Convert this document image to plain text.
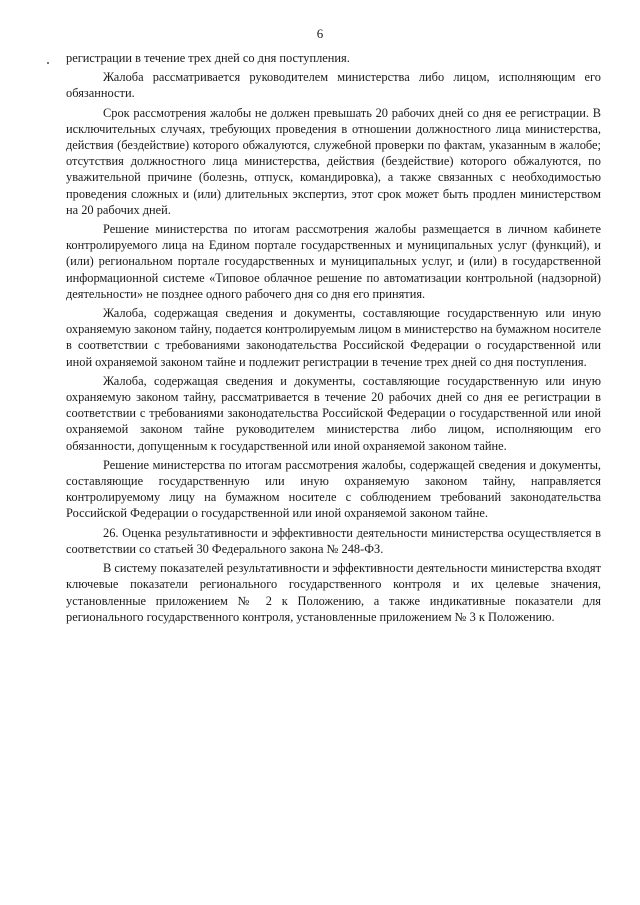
6

регистрации в течение трех дней со дня поступления.

Жалоба рассматривается руководителем министерства либо лицом, исполняющим его обязанности.

Срок рассмотрения жалобы не должен превышать 20 рабочих дней со дня ее регистрации. В исключительных случаях, требующих проведения в отношении должностного лица министерства, действия (бездействие) которого обжалуются, служебной проверки по фактам, указанным в жалобе; отсутствия должностного лица министерства, действия (бездействие) которого обжалуются, по уважительной причине (болезнь, отпуск, командировка), а также связанных с необходимостью проведения сложных и (или) длительных экспертиз, этот срок может быть продлен министерством на 20 рабочих дней.

Решение министерства по итогам рассмотрения жалобы размещается в личном кабинете контролируемого лица на Едином портале государственных и муниципальных услуг (функций), и (или) региональном портале государственных и муниципальных услуг, и (или) в государственной информационной системе «Типовое облачное решение по автоматизации контрольной (надзорной) деятельности» не позднее одного рабочего дня со дня его принятия.

Жалоба, содержащая сведения и документы, составляющие государственную или иную охраняемую законом тайну, подается контролируемым лицом в министерство на бумажном носителе в соответствии с требованиями законодательства Российской Федерации о государственной или иной охраняемой законом тайне и подлежит регистрации в течение трех дней со дня поступления.

Жалоба, содержащая сведения и документы, составляющие государственную или иную охраняемую законом тайну, рассматривается в течение 20 рабочих дней со дня ее регистрации в соответствии с требованиями законодательства Российской Федерации о государственной или иной охраняемой законом тайне руководителем министерства либо лицом, исполняющим его обязанности, допущенным к государственной или иной охраняемой законом тайне.

Решение министерства по итогам рассмотрения жалобы, содержащей сведения и документы, составляющие государственную или иную охраняемую законом тайну, направляется контролируемому лицу на бумажном носителе с соблюдением требований законодательства Российской Федерации о государственной или иной охраняемой законом тайне.

26. Оценка результативности и эффективности деятельности министерства осуществляется в соответствии со статьей 30 Федерального закона № 248-ФЗ.

В систему показателей результативности и эффективности деятельности министерства входят ключевые показатели регионального государственного контроля и их целевые значения, установленные приложением № 2 к Положению, а также индикативные показатели для регионального государственного контроля, установленные приложением № 3 к Положению.
